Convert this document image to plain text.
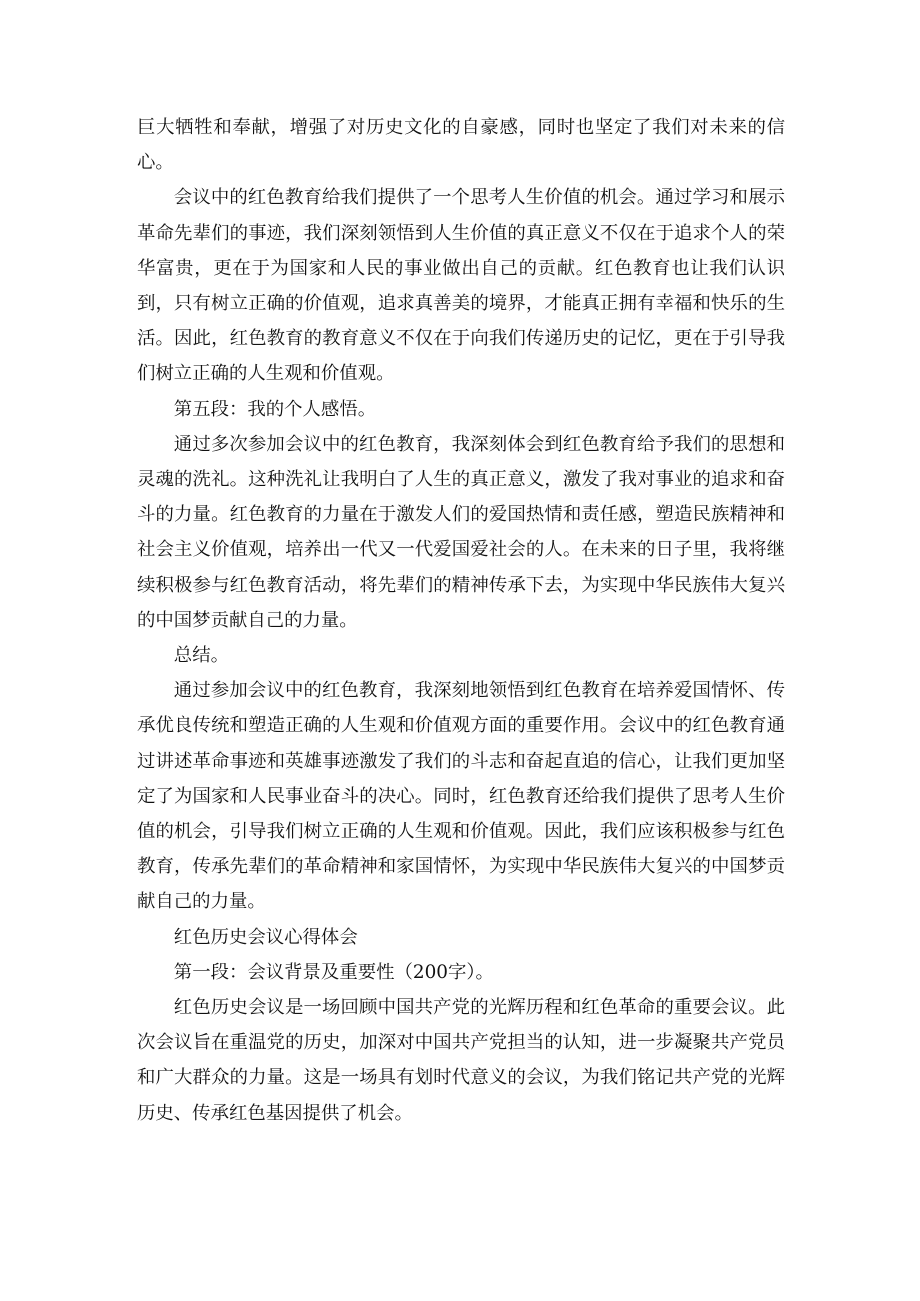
巨大牺牲和奉献，增强了对历史文化的自豪感，同时也坚定了我们对未来的信心。

会议中的红色教育给我们提供了一个思考人生价值的机会。通过学习和展示革命先辈们的事迹，我们深刻领悟到人生价值的真正意义不仅在于追求个人的荣华富贵，更在于为国家和人民的事业做出自己的贡献。红色教育也让我们认识到，只有树立正确的价值观，追求真善美的境界，才能真正拥有幸福和快乐的生活。因此，红色教育的教育意义不仅在于向我们传递历史的记忆，更在于引导我们树立正确的人生观和价值观。

第五段：我的个人感悟。

通过多次参加会议中的红色教育，我深刻体会到红色教育给予我们的思想和灵魂的洗礼。这种洗礼让我明白了人生的真正意义，激发了我对事业的追求和奋斗的力量。红色教育的力量在于激发人们的爱国热情和责任感，塑造民族精神和社会主义价值观，培养出一代又一代爱国爱社会的人。在未来的日子里，我将继续积极参与红色教育活动，将先辈们的精神传承下去，为实现中华民族伟大复兴的中国梦贡献自己的力量。

总结。

通过参加会议中的红色教育，我深刻地领悟到红色教育在培养爱国情怀、传承优良传统和塑造正确的人生观和价值观方面的重要作用。会议中的红色教育通过讲述革命事迹和英雄事迹激发了我们的斗志和奋起直追的信心，让我们更加坚定了为国家和人民事业奋斗的决心。同时，红色教育还给我们提供了思考人生价值的机会，引导我们树立正确的人生观和价值观。因此，我们应该积极参与红色教育，传承先辈们的革命精神和家国情怀，为实现中华民族伟大复兴的中国梦贡献自己的力量。

红色历史会议心得体会

第一段：会议背景及重要性（200字）。

红色历史会议是一场回顾中国共产党的光辉历程和红色革命的重要会议。此次会议旨在重温党的历史，加深对中国共产党担当的认知，进一步凝聚共产党员和广大群众的力量。这是一场具有划时代意义的会议，为我们铭记共产党的光辉历史、传承红色基因提供了机会。
